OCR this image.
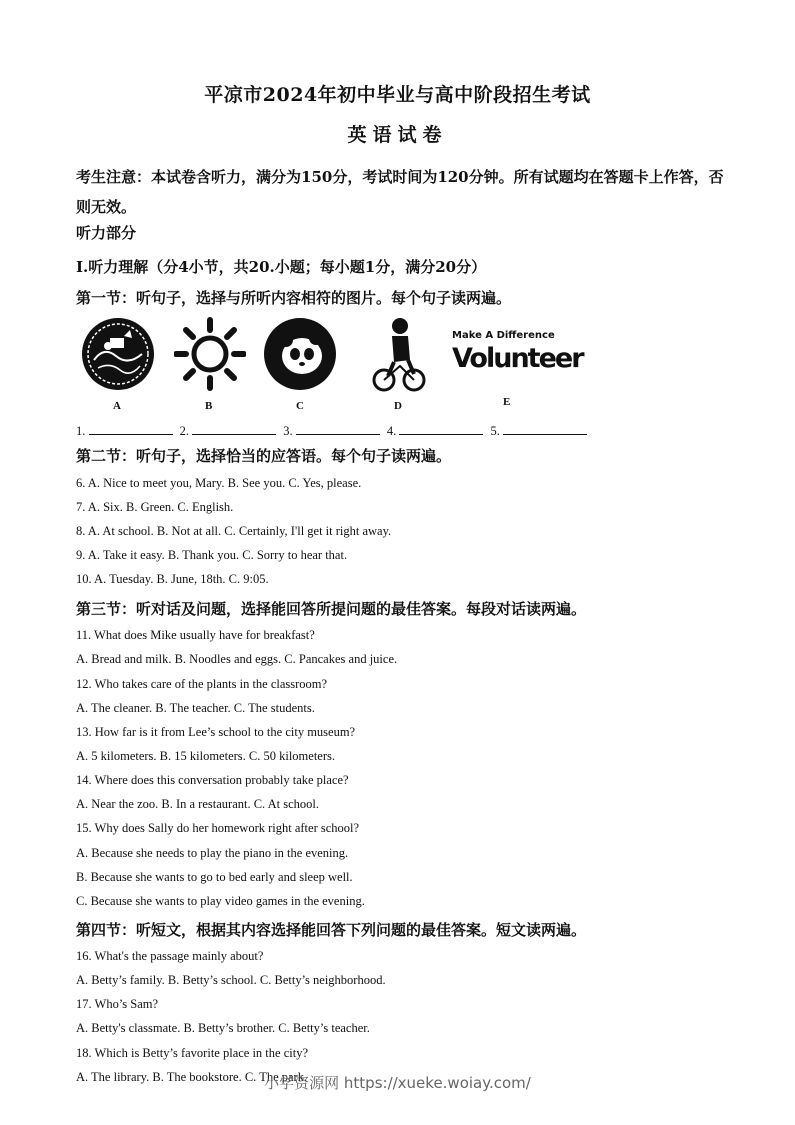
平凉市2024年初中毕业与高中阶段招生考试
英语试卷
考生注意：本试卷含听力，满分为150分，考试时间为120分钟。所有试题均在答题卡上作答，否则无效。
听力部分
Ⅰ.听力理解（分4小节，共20.小题；每小题1分，满分20分）
第一节：听句子，选择与所听内容相符的图片。每个句子读两遍。
A	B	C	D
Make A Difference
Volunteer
E
1.	2.	3.	4.	5.
第二节：听句子，选择恰当的应答语。每个句子读两遍。
6. A. Nice to meet you, Mary. B. See you. C. Yes, please.
7. A. Six. B. Green. C. English.
8. A. At school. B. Not at all. C. Certainly, I'll get it right away.
9. A. Take it easy. B. Thank you. C. Sorry to hear that.
10. A. Tuesday. B. June, 18th. C. 9:05.
第三节：听对话及问题，选择能回答所提问题的最佳答案。每段对话读两遍。
11. What does Mike usually have for breakfast?
A. Bread and milk. B. Noodles and eggs. C. Pancakes and juice.
12. Who takes care of the plants in the classroom?
A. The cleaner. B. The teacher. C. The students.
13. How far is it from Lee’s school to the city museum?
A. 5 kilometers. B. 15 kilometers. C. 50 kilometers.
14. Where does this conversation probably take place?
A. Near the zoo. B. In a restaurant. C. At school.
15. Why does Sally do her homework right after school?
A. Because she needs to play the piano in the evening.
B. Because she wants to go to bed early and sleep well.
C. Because she wants to play video games in the evening.
第四节：听短文，根据其内容选择能回答下列问题的最佳答案。短文读两遍。
16. What's the passage mainly about?
A. Betty’s family. B. Betty’s school. C. Betty’s neighborhood.
17. Who’s Sam?
A. Betty's classmate. B. Betty’s brother. C. Betty’s teacher.
18. Which is Betty’s favorite place in the city?
A. The library. B. The bookstore. C. The park.
小学资源网 https://xueke.woiay.com/
